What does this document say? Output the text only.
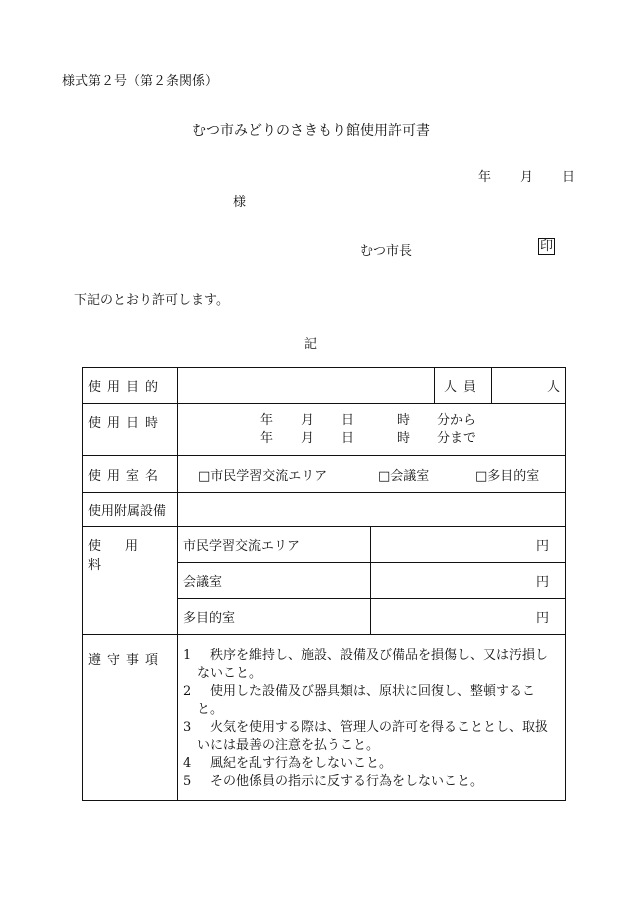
様式第２号（第２条関係）
むつ市みどりのさきもり館使用許可書
年 月 日
様
むつ市長	印
下記のとおり許可します。
記
使用目的			人員	人
使用日時	年 月 日 時 分から
年 月 日 時 分まで			

使用室名	□市民学習交流エリア □会議室 □多目的室			
使用附属設備				
使用料	市民学習交流エリア	円		
	会議室	円		
	多目的室	円		
遵守事項	1　 秩序を維持し、施設、設備及び備品を損傷し、又は汚損しないこと。
2　 使用した設備及び器具類は、原状に回復し、整頓すること。
3　 火気を使用する際は、管理人の許可を得ることとし、取扱いには最善の注意を払うこと。
4　 風紀を乱す行為をしないこと。
5　 その他係員の指示に反する行為をしないこと。			
